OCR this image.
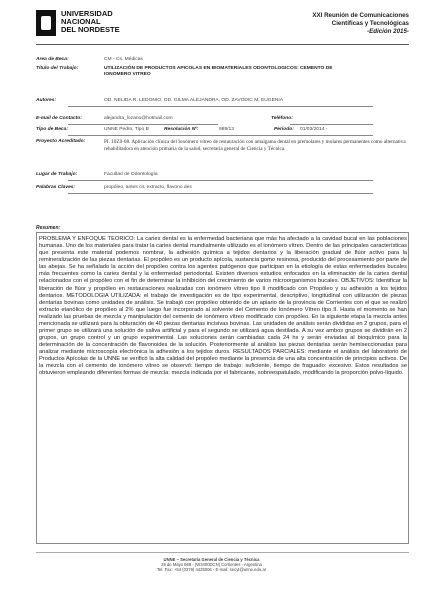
UNIVERSIDAD
NACIONAL
DEL NORDESTE
XXI Reunión de Comunicaciones
Científicas y Tecnológicas
-Edición 2015-
Area de Beca:	CM - Cs. Médicas
Título del Trabajo:	UTILIZACIÓN DE PRODUCTOS APICOLAS EN BIOMATERIALES ODONTOLOGICOS: CEMENTO DE IONOMERO VITREO
Autores:	OD. NELIDA R. LEDONIO, OD. GILMA ALEJANDRA, OD. ZAVODIC M. EUGENIA
E-mail de Contacto:	alejandra_lozano@hotmail.com	Teléfono:
Tipo de Beca:	UNNE Pedro, Tipo B	Resolución Nº:	989/13	Período: 01/03/2014 -
Proyecto Acreditado:	PI. 10Z0-08. Aplicación clínica del Ionómero vítreo de restauración con amalgama dental en premolares y molares permanentes como alternativa rehabilitadora en atención primaria de la salud, secretaría general de Ciencia y Técnica.
Lugar de Trabajo:	Facultad de Odontología
Palabras Claves:	propóleo, antes cir, extracto, flavono des
Resumen:
PROBLEMA Y ENFOQUE TEORICO: La caries dental es la enfermedad bacteriana que más ha afectado a la cavidad bucal en las poblaciones humanas. Uno de los materiales para tratar la caries dental mundialmente utilizado es el ionómero vítreo. Dentro de las principales características que presenta este material podemos nombrar, la adhesión química a tejidos dentarios y la liberación gradual de flúor activo para la remineralización de las piezas dentarias. El propóleo es un producto apícola, sustancia gomo resinosa, producido del procesamiento por parte de las abejas. Se ha señalado la acción del propóleo contra los agentes patógenos que participan en la etiología de estas enfermedades bucales más frecuentes como la caries dental y la enfermedad periodontal. Existen diversos estudios enfocados en la eliminación de la caries dental relacionados con el propóleo con el fin de determinar la inhibición del crecimiento de varios microorganismos bucales. OBJETIVOS: Identificar la liberación de flúor y propóleo en restauraciones realizadas con ionómero vítreo tipo II modificado con Propóleo y su adhesión a los tejidos dentarios. METODOLOGIA UTILIZADA: el trabajo de investigación es de tipo experimental, descriptivo, longitudinal con utilización de piezas dentarias bovinas como unidades de análisis. Se trabajó con propóleo obtenido de un apiario de la provincia de Corrientes con el que se realizó extracto etanólico de propóleo al 2% que luego fue incorporado al solvente del Cemento de Ionómero Vítreo tipo II. Hasta el momento se han realizado las pruebas de mezcla y manipulación del cemento de ionómero vítreo modificado con propóleo. En la siguiente etapa la mezcla antes mencionada se utilizará para la obturación de 40 piezas dentarias incisivas bovinas. Las unidades de análisis serán divididas en 2 grupos, para el primer grupo se utilizará una solución de saliva artificial y para el segundo se utilizará agua destilada. A su vez ambos grupos se dividirán en 2 grupos, un grupo control y un grupo experimental. Las soluciones serán cambiadas cada 24 hs y serán enviadas al bioquímico para la determinación de la concentración de flavonoides de la solución. Posteriormente al análisis las piezas dentarias serán hemiseccionadas para analizar mediante microscopía electrónica la adhesión a los tejidos duros. RESULTADOS PARCIALES: mediante el análisis del laboratorio de Productos Apícolas de la UNNE se verificó la alta calidad del propóleo mediante la presencia de una alta concentración de principios activos. De la mezcla con el cemento de ionómero vítreo se observó: tiempo de trabajo: suficiente, tiempo de fraguado: excesivo. Estos resultados se obtuvieron empleando diferentes formas de mezcla: mezcla indicada por el fabricante, sobreespatulado, modificando la proporción polvo-líquido.
UNNE – Secretaría General de Ciencia y Técnica
25 de Mayo 868 - (W3400DCN) Corrientes - Argentina
Tel. Fax: +54 (0379) 4425006 - E-mail: secyt@unne.edu.ar
